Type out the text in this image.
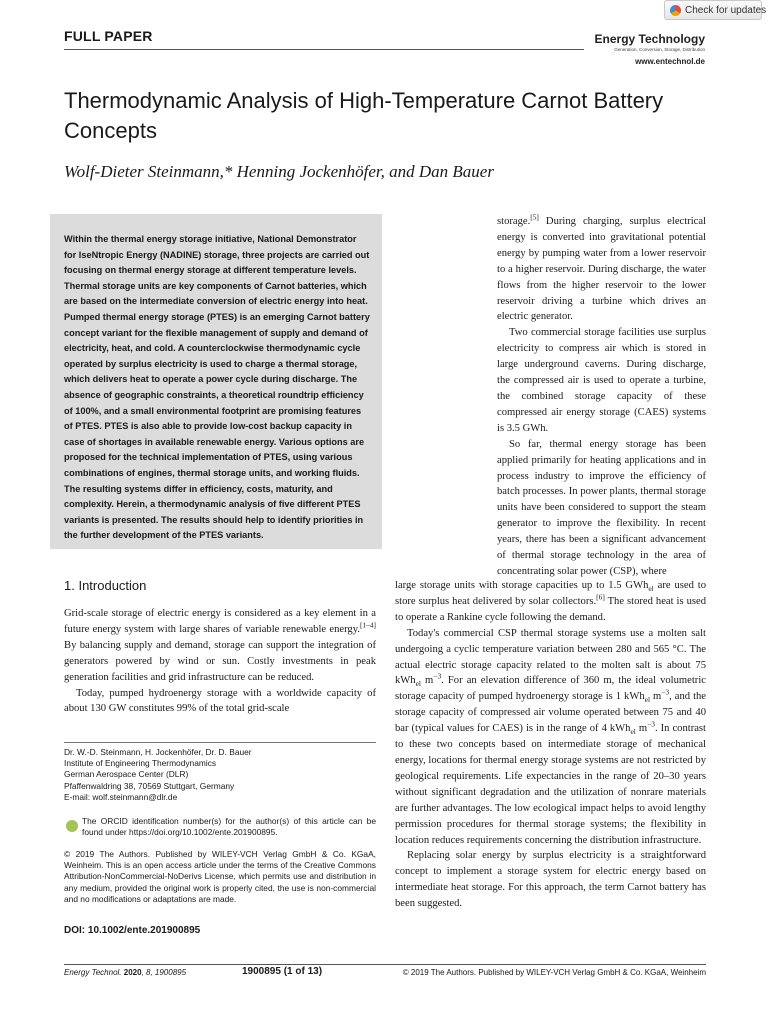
Check for updates
FULL PAPER	Energy Technology
Generation, Conversion, Storage, Distribution
www.entechnol.de
Thermodynamic Analysis of High-Temperature Carnot Battery Concepts
Wolf-Dieter Steinmann,* Henning Jockenhöfer, and Dan Bauer
Within the thermal energy storage initiative, National Demonstrator for IseNtropic Energy (NADINE) storage, three projects are carried out focusing on thermal energy storage at different temperature levels. Thermal storage units are key components of Carnot batteries, which are based on the intermediate conversion of electric energy into heat. Pumped thermal energy storage (PTES) is an emerging Carnot battery concept variant for the flexible management of supply and demand of electricity, heat, and cold. A counterclockwise thermodynamic cycle operated by surplus electricity is used to charge a thermal storage, which delivers heat to operate a power cycle during discharge. The absence of geographic constraints, a theoretical roundtrip efficiency of 100%, and a small environmental footprint are promising features of PTES. PTES is also able to provide low-cost backup capacity in case of shortages in available renewable energy. Various options are proposed for the technical implementation of PTES, using various combinations of engines, thermal storage units, and working fluids. The resulting systems differ in efficiency, costs, maturity, and complexity. Herein, a thermodynamic analysis of five different PTES variants is presented. The results should help to identify priorities in the further development of the PTES variants.
1. Introduction

Grid-scale storage of electric energy is considered as a key element in a future energy system with large shares of variable renewable energy.[1–4] By balancing supply and demand, storage can support the integration of generators powered by wind or sun. Costly investments in peak generation facilities and grid infrastructure can be reduced.

Today, pumped hydroenergy storage with a worldwide capacity of about 130 GW constitutes 99% of the total grid-scale

Dr. W.-D. Steinmann, H. Jockenhöfer, Dr. D. Bauer
Institute of Engineering Thermodynamics
German Aerospace Center (DLR)
Pfaffenwaldring 38, 70569 Stuttgart, Germany
E-mail: wolf.steinmann@dlr.de
The ORCID identification number(s) for the author(s) of this article can be found under https://doi.org/10.1002/ente.201900895.
© 2019 The Authors. Published by WILEY-VCH Verlag GmbH & Co. KGaA, Weinheim. This is an open access article under the terms of the Creative Commons Attribution-NonCommercial-NoDerivs License, which permits use and distribution in any medium, provided the original work is properly cited, the use is non-commercial and no modifications or adaptations are made.
DOI: 10.1002/ente.201900895

storage.[5] During charging, surplus electrical energy is converted into gravitational potential energy by pumping water from a lower reservoir to a higher reservoir. During discharge, the water flows from the higher reservoir to the lower reservoir driving a turbine which drives an electric generator.

Two commercial storage facilities use surplus electricity to compress air which is stored in large underground caverns. During discharge, the compressed air is used to operate a turbine, the combined storage capacity of these compressed air energy storage (CAES) systems is 3.5 GWh.

So far, thermal energy storage has been applied primarily for heating applications and in process industry to improve the efficiency of batch processes. In power plants, thermal storage units have been considered to support the steam generator to improve the flexibility. In recent years, there has been a significant advancement of thermal storage technology in the area of concentrating solar power (CSP), where

large storage units with storage capacities up to 1.5 GWh$_{el}$ are used to store surplus heat delivered by solar collectors.[6] The stored heat is used to operate a Rankine cycle following the demand.

Today's commercial CSP thermal storage systems use a molten salt undergoing a cyclic temperature variation between 280 and 565 °C. The actual electric storage capacity related to the molten salt is about 75 kWh$_{el}$ $m^{-3}$. For an elevation difference of 360 m, the ideal volumetric storage capacity of pumped hydroenergy storage is 1 kWh$_{el}$ $m^{-3}$, and the storage capacity of compressed air volume operated between 75 and 40 bar (typical values for CAES) is in the range of 4 kWh$_{el}$ $m^{-3}$. In contrast to these two concepts based on intermediate storage of mechanical energy, locations for thermal energy storage systems are not restricted by geological requirements. Life expectancies in the range of 20–30 years without significant degradation and the utilization of nonrare materials are further advantages. The low ecological impact helps to avoid lengthy permission procedures for thermal storage systems; the flexibility in location reduces requirements concerning the distribution infrastructure.

Replacing solar energy by surplus electricity is a straightforward concept to implement a storage system for electric energy based on intermediate heat storage. For this approach, the term Carnot battery has been suggested.

Energy Technol. 2020, 8, 1900895	1900895 (1 of 13)	© 2019 The Authors. Published by WILEY-VCH Verlag GmbH & Co. KGaA, Weinheim
